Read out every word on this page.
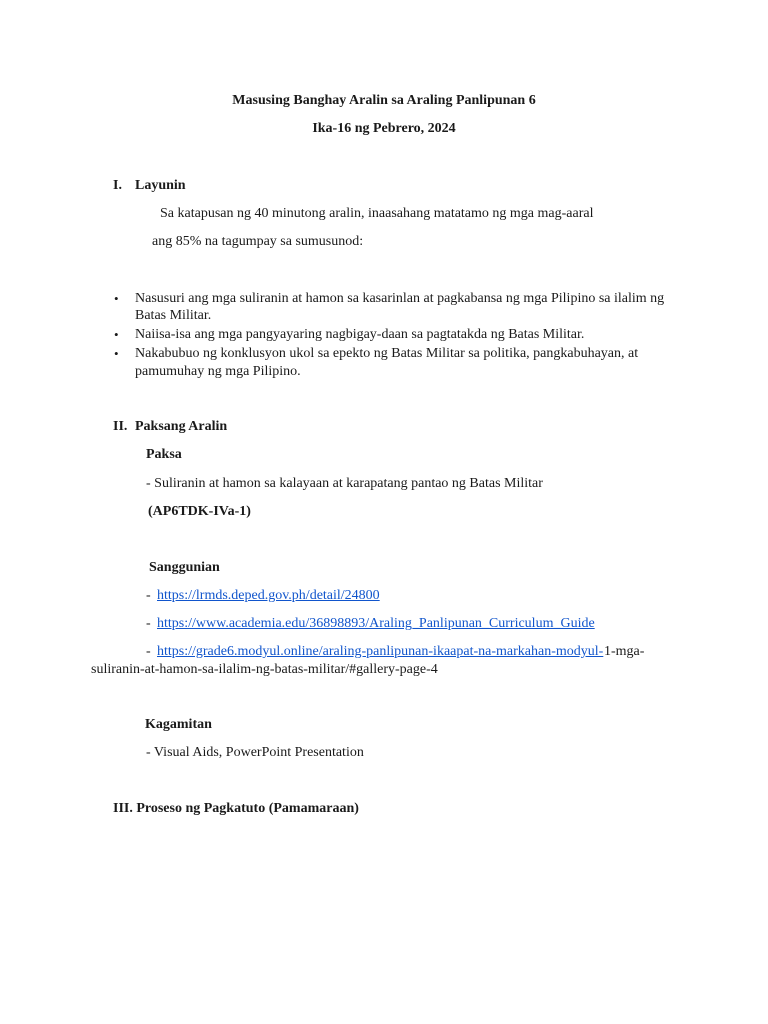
Masusing Banghay Aralin sa Araling Panlipunan 6
Ika-16 ng Pebrero, 2024
I. Layunin
Sa katapusan ng 40 minutong aralin, inaasahang matatamo ng mga mag-aaral
ang 85% na tagumpay sa sumusunod:
• Nasusuri ang mga suliranin at hamon sa kasarinlan at pagkabansa ng mga Pilipino sa ilalim ng
Batas Militar.
• Naiisa-isa ang mga pangyayaring nagbigay-daan sa pagtatakda ng Batas Militar.
• Nakabubuo ng konklusyon ukol sa epekto ng Batas Militar sa politika, pangkabuhayan, at
pamumuhay ng mga Pilipino.
II. Paksang Aralin
Paksa
- Suliranin at hamon sa kalayaan at karapatang pantao ng Batas Militar
(AP6TDK-IVa-1)
Sanggunian
- https://lrmds.deped.gov.ph/detail/24800
- https://www.academia.edu/36898893/Araling_Panlipunan_Curriculum_Guide
- https://grade6.modyul.online/araling-panlipunan-ikaapat-na-markahan-modyul- 1-mga-
suliranin-at-hamon-sa-ilalim-ng-batas-militar/#gallery-page-4
Kagamitan
- Visual Aids, PowerPoint Presentation
III. Proseso ng Pagkatuto (Pamamaraan)
